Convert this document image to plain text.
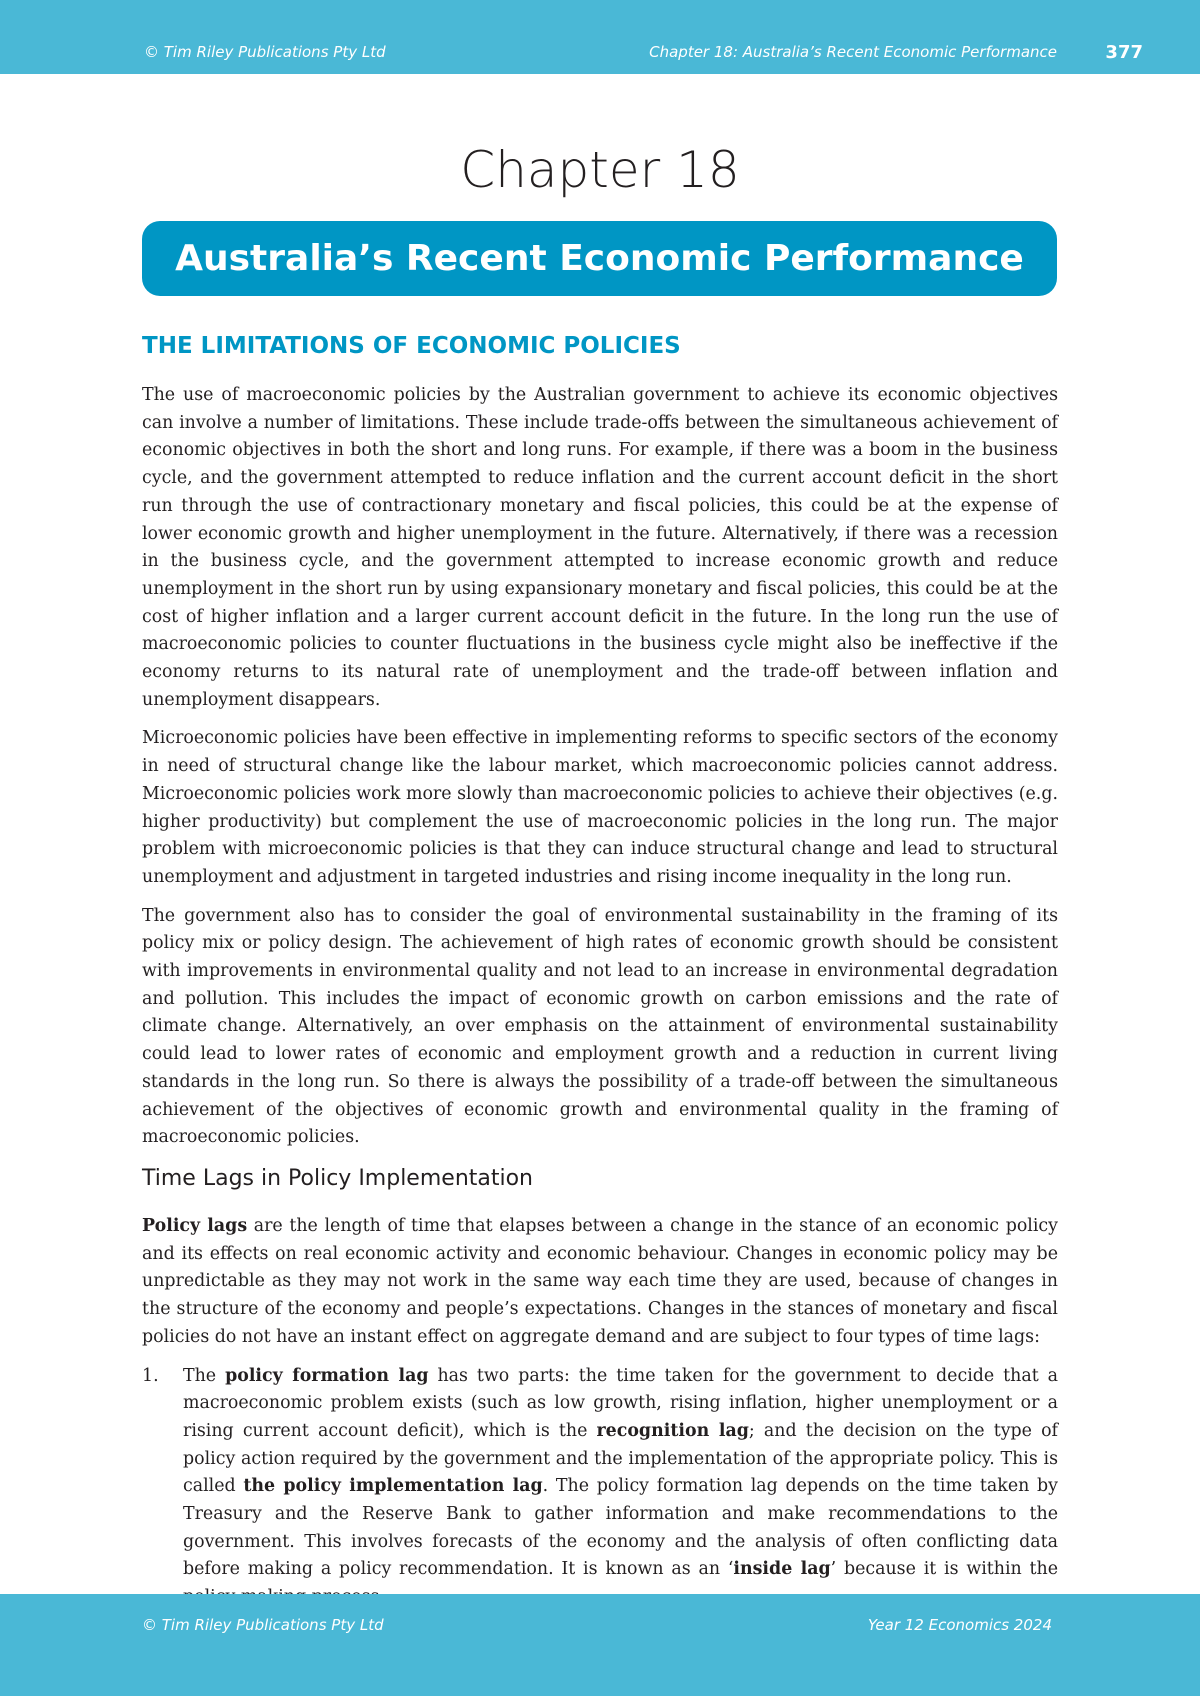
© Tim Riley Publications Pty Ltd	Chapter 18: Australia’s Recent Economic Performance	377
Chapter 18
Australia’s Recent Economic Performance
THE LIMITATIONS OF ECONOMIC POLICIES

The use of macroeconomic policies by the Australian government to achieve its economic objectives can involve a number of limitations. These include trade-offs between the simultaneous achievement of economic objectives in both the short and long runs. For example, if there was a boom in the business cycle, and the government attempted to reduce inflation and the current account deficit in the short run through the use of contractionary monetary and fiscal policies, this could be at the expense of lower economic growth and higher unemployment in the future. Alternatively, if there was a recession in the business cycle, and the government attempted to increase economic growth and reduce unemployment in the short run by using expansionary monetary and fiscal policies, this could be at the cost of higher inflation and a larger current account deficit in the future. In the long run the use of macroeconomic policies to counter fluctuations in the business cycle might also be ineffective if the economy returns to its natural rate of unemployment and the trade-off between inflation and unemployment disappears.

Microeconomic policies have been effective in implementing reforms to specific sectors of the economy in need of structural change like the labour market, which macroeconomic policies cannot address. Microeconomic policies work more slowly than macroeconomic policies to achieve their objectives (e.g. higher productivity) but complement the use of macroeconomic policies in the long run. The major problem with microeconomic policies is that they can induce structural change and lead to structural unemployment and adjustment in targeted industries and rising income inequality in the long run.

The government also has to consider the goal of environmental sustainability in the framing of its policy mix or policy design. The achievement of high rates of economic growth should be consistent with improvements in environmental quality and not lead to an increase in environmental degradation and pollution. This includes the impact of economic growth on carbon emissions and the rate of climate change. Alternatively, an over emphasis on the attainment of environmental sustainability could lead to lower rates of economic and employment growth and a reduction in current living standards in the long run. So there is always the possibility of a trade-off between the simultaneous achievement of the objectives of economic growth and environmental quality in the framing of macroeconomic policies.

Time Lags in Policy Implementation

Policy lags are the length of time that elapses between a change in the stance of an economic policy and its effects on real economic activity and economic behaviour. Changes in economic policy may be unpredictable as they may not work in the same way each time they are used, because of changes in the structure of the economy and people’s expectations. Changes in the stances of monetary and fiscal policies do not have an instant effect on aggregate demand and are subject to four types of time lags:

1. The policy formation lag has two parts: the time taken for the government to decide that a macroeconomic problem exists (such as low growth, rising inflation, higher unemployment or a rising current account deficit), which is the recognition lag; and the decision on the type of policy action required by the government and the implementation of the appropriate policy. This is called the policy implementation lag. The policy formation lag depends on the time taken by Treasury and the Reserve Bank to gather information and make recommendations to the government. This involves forecasts of the economy and the analysis of often conflicting data before making a policy recommendation. It is known as an ‘inside lag’ because it is within the

© Tim Riley Publications Pty Ltd	Year 12 Economics 2024
